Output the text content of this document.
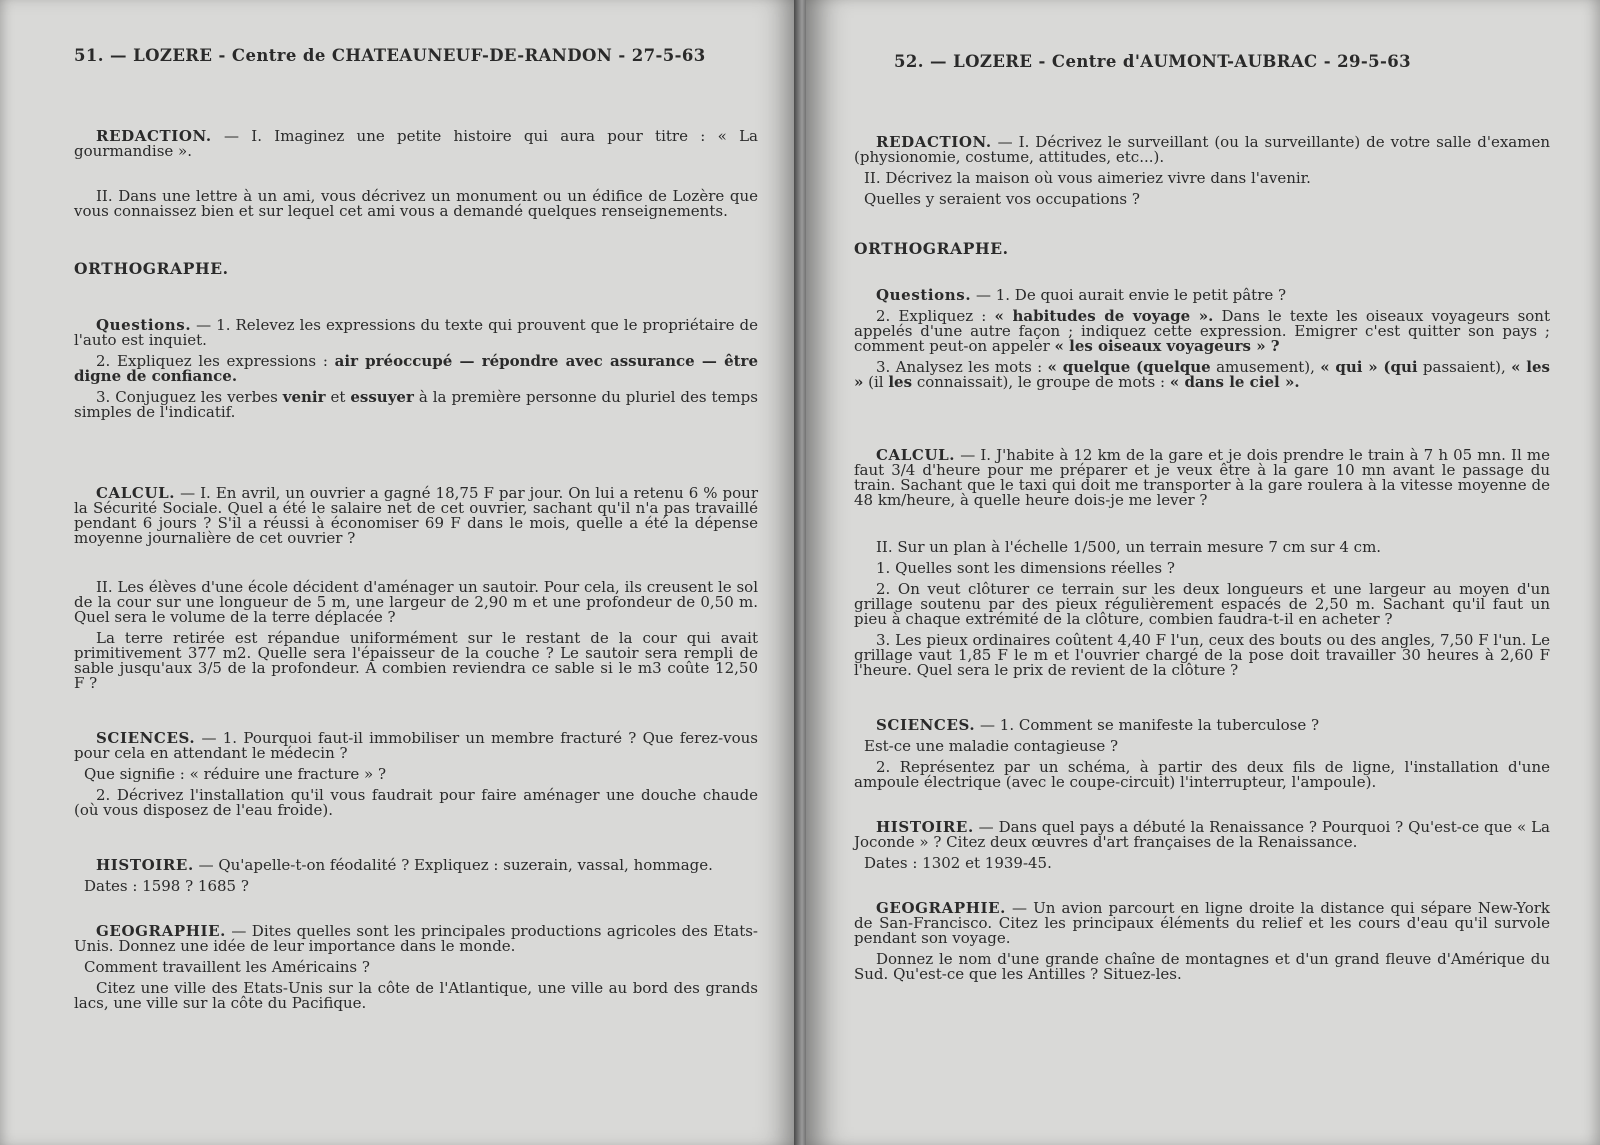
51. — LOZERE - Centre de CHATEAUNEUF-DE-RANDON - 27-5-63

REDACTION. — I. Imaginez une petite histoire qui aura pour titre : « La gourmandise ».

II. Dans une lettre à un ami, vous décrivez un monument ou un édifice de Lozère que vous connaissez bien et sur lequel cet ami vous a demandé quelques renseignements.

ORTHOGRAPHE.

Questions. — 1. Relevez les expressions du texte qui prouvent que le propriétaire de l'auto est inquiet.

2. Expliquez les expressions : air préoccupé — répondre avec assurance — être digne de confiance.

3. Conjuguez les verbes venir et essuyer à la première personne du pluriel des temps simples de l'indicatif.

CALCUL. — I. En avril, un ouvrier a gagné 18,75 F par jour. On lui a retenu 6 % pour la Sécurité Sociale. Quel a été le salaire net de cet ouvrier, sachant qu'il n'a pas travaillé pendant 6 jours ? S'il a réussi à économiser 69 F dans le mois, quelle a été la dépense moyenne journalière de cet ouvrier ?

II. Les élèves d'une école décident d'aménager un sautoir. Pour cela, ils creusent le sol de la cour sur une longueur de 5 m, une largeur de 2,90 m et une profondeur de 0,50 m. Quel sera le volume de la terre déplacée ?

La terre retirée est répandue uniformément sur le restant de la cour qui avait primitivement 377 m2. Quelle sera l'épaisseur de la couche ? Le sautoir sera rempli de sable jusqu'aux 3/5 de la profondeur. A combien reviendra ce sable si le m3 coûte 12,50 F ?

SCIENCES. — 1. Pourquoi faut-il immobiliser un membre fracturé ? Que ferez-vous pour cela en attendant le médecin ?

Que signifie : « réduire une fracture » ?

2. Décrivez l'installation qu'il vous faudrait pour faire aménager une douche chaude (où vous disposez de l'eau froide).

HISTOIRE. — Qu'apelle-t-on féodalité ? Expliquez : suzerain, vassal, hommage.

Dates : 1598 ? 1685 ?

GEOGRAPHIE. — Dites quelles sont les principales productions agricoles des Etats-Unis. Donnez une idée de leur importance dans le monde.

Comment travaillent les Américains ?

Citez une ville des Etats-Unis sur la côte de l'Atlantique, une ville au bord des grands lacs, une ville sur la côte du Pacifique.

52. — LOZERE - Centre d'AUMONT-AUBRAC - 29-5-63

REDACTION. — I. Décrivez le surveillant (ou la surveillante) de votre salle d'examen (physionomie, costume, attitudes, etc...).

II. Décrivez la maison où vous aimeriez vivre dans l'avenir.

Quelles y seraient vos occupations ?

ORTHOGRAPHE.

Questions. — 1. De quoi aurait envie le petit pâtre ?

2. Expliquez : « habitudes de voyage ». Dans le texte les oiseaux voyageurs sont appelés d'une autre façon ; indiquez cette expression. Emigrer c'est quitter son pays ; comment peut-on appeler « les oiseaux voyageurs » ?

3. Analysez les mots : « quelque (quelque amusement), « qui » (qui passaient), « les » (il les connaissait), le groupe de mots : « dans le ciel ».

CALCUL. — I. J'habite à 12 km de la gare et je dois prendre le train à 7 h 05 mn. Il me faut 3/4 d'heure pour me préparer et je veux être à la gare 10 mn avant le passage du train. Sachant que le taxi qui doit me transporter à la gare roulera à la vitesse moyenne de 48 km/heure, à quelle heure dois-je me lever ?

II. Sur un plan à l'échelle 1/500, un terrain mesure 7 cm sur 4 cm.

1. Quelles sont les dimensions réelles ?

2. On veut clôturer ce terrain sur les deux longueurs et une largeur au moyen d'un grillage soutenu par des pieux régulièrement espacés de 2,50 m. Sachant qu'il faut un pieu à chaque extrémité de la clôture, combien faudra-t-il en acheter ?

3. Les pieux ordinaires coûtent 4,40 F l'un, ceux des bouts ou des angles, 7,50 F l'un. Le grillage vaut 1,85 F le m et l'ouvrier chargé de la pose doit travailler 30 heures à 2,60 F l'heure. Quel sera le prix de revient de la clôture ?

SCIENCES. — 1. Comment se manifeste la tuberculose ?

Est-ce une maladie contagieuse ?

2. Représentez par un schéma, à partir des deux fils de ligne, l'installation d'une ampoule électrique (avec le coupe-circuit) l'interrupteur, l'ampoule).

HISTOIRE. — Dans quel pays a débuté la Renaissance ? Pourquoi ? Qu'est-ce que « La Joconde » ? Citez deux œuvres d'art françaises de la Renaissance.

Dates : 1302 et 1939-45.

GEOGRAPHIE. — Un avion parcourt en ligne droite la distance qui sépare New-York de San-Francisco. Citez les principaux éléments du relief et les cours d'eau qu'il survole pendant son voyage.

Donnez le nom d'une grande chaîne de montagnes et d'un grand fleuve d'Amérique du Sud. Qu'est-ce que les Antilles ? Situez-les.
